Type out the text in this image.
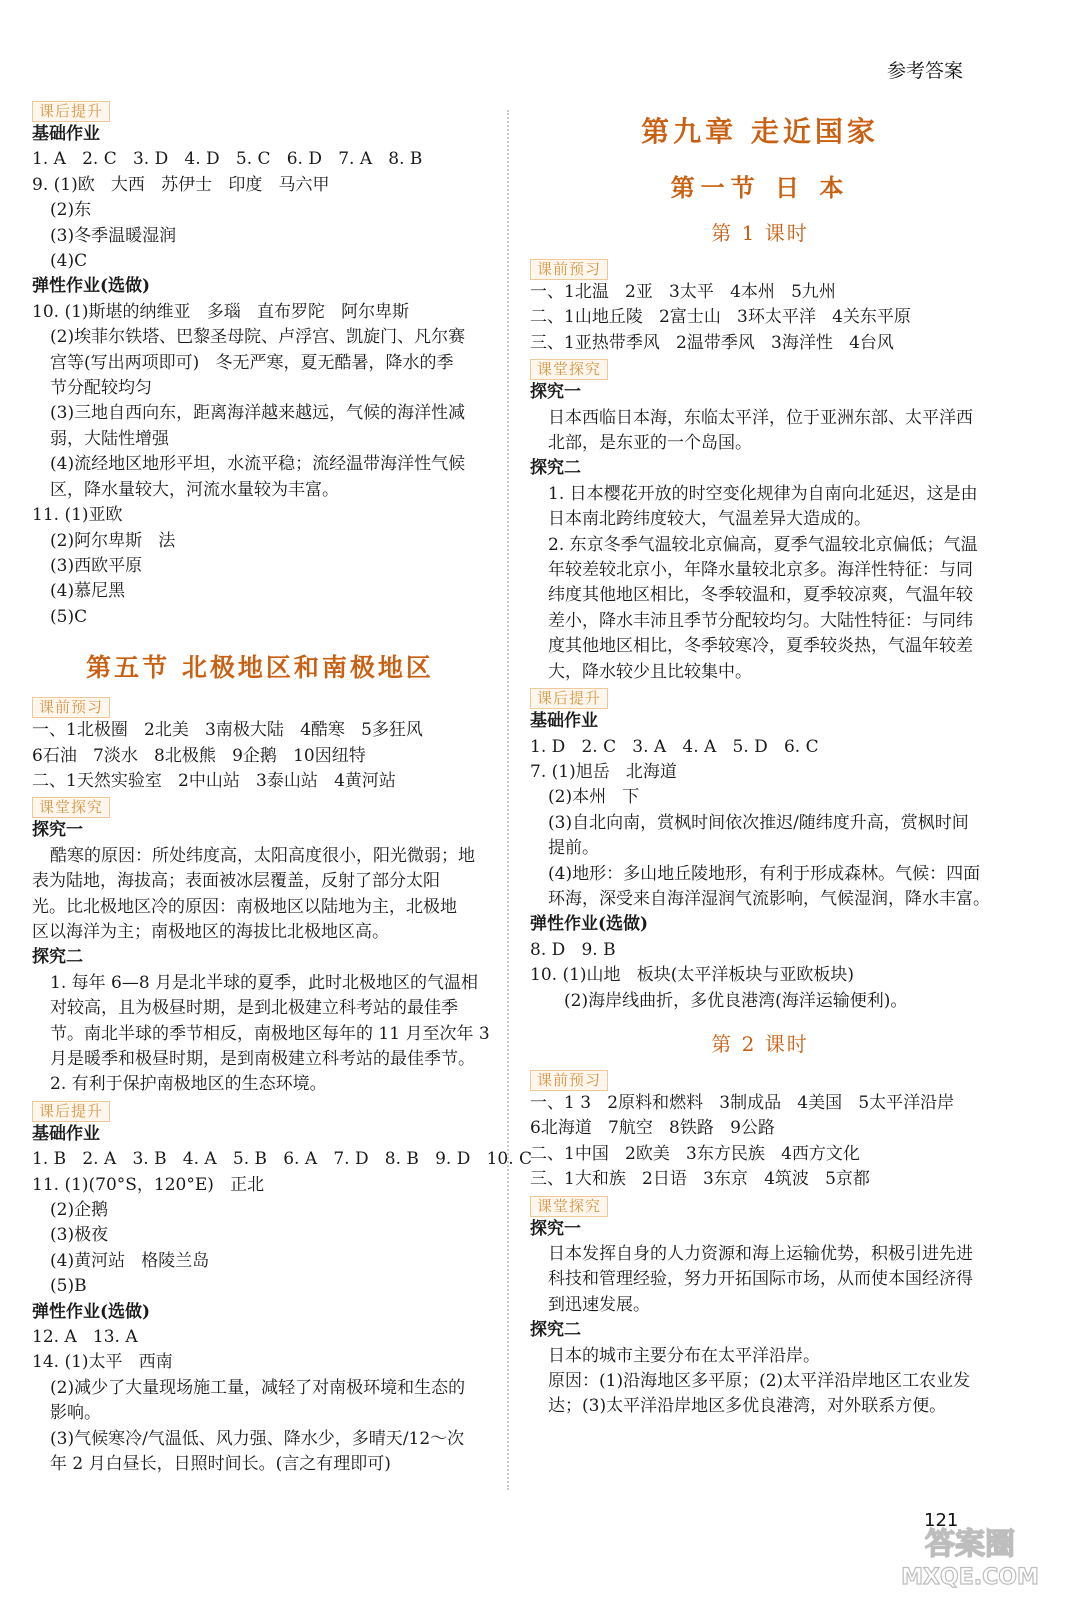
参考答案
课后提升
基础作业
1. A   2. C   3. D   4. D   5. C   6. D   7. A   8. B
9. (1)欧   大西   苏伊士   印度   马六甲
(2)东
(3)冬季温暖湿润
(4)C
弹性作业(选做)
10. (1)斯堪的纳维亚   多瑙   直布罗陀   阿尔卑斯
(2)埃菲尔铁塔、巴黎圣母院、卢浮宫、凯旋门、凡尔赛
宫等(写出两项即可)   冬无严寒，夏无酷暑，降水的季
节分配较均匀
(3)三地自西向东，距离海洋越来越远，气候的海洋性减
弱，大陆性增强
(4)流经地区地形平坦，水流平稳；流经温带海洋性气候
区，降水量较大，河流水量较为丰富。
11. (1)亚欧
(2)阿尔卑斯   法
(3)西欧平原
(4)慕尼黑
(5)C
第五节 北极地区和南极地区
课前预习
一、1北极圈   2北美   3南极大陆   4酷寒   5多狂风
6石油   7淡水   8北极熊   9企鹅   10因纽特
二、1天然实验室   2中山站   3泰山站   4黄河站
课堂探究
探究一
酷寒的原因：所处纬度高，太阳高度很小，阳光微弱；地
表为陆地，海拔高；表面被冰层覆盖，反射了部分太阳
光。比北极地区冷的原因：南极地区以陆地为主，北极地
区以海洋为主；南极地区的海拔比北极地区高。
探究二
1. 每年 6—8 月是北半球的夏季，此时北极地区的气温相
对较高，且为极昼时期，是到北极建立科考站的最佳季
节。南北半球的季节相反，南极地区每年的 11 月至次年 3
月是暖季和极昼时期，是到南极建立科考站的最佳季节。
2. 有利于保护南极地区的生态环境。
课后提升
基础作业
1. B   2. A   3. B   4. A   5. B   6. A   7. D   8. B   9. D   10. C
11. (1)(70°S，120°E)   正北
(2)企鹅
(3)极夜
(4)黄河站   格陵兰岛
(5)B
弹性作业(选做)
12. A   13. A
14. (1)太平   西南
(2)减少了大量现场施工量，减轻了对南极环境和生态的
影响。
(3)气候寒冷/气温低、风力强、降水少，多晴天/12～次
年 2 月白昼长，日照时间长。(言之有理即可)
第九章 走近国家
第一节 日 本
第 1 课时
课前预习
一、1北温   2亚   3太平   4本州   5九州
二、1山地丘陵   2富士山   3环太平洋   4关东平原
三、1亚热带季风   2温带季风   3海洋性   4台风
课堂探究
探究一
日本西临日本海，东临太平洋，位于亚洲东部、太平洋西
北部，是东亚的一个岛国。
探究二
1. 日本樱花开放的时空变化规律为自南向北延迟，这是由
日本南北跨纬度较大，气温差异大造成的。
2. 东京冬季气温较北京偏高，夏季气温较北京偏低；气温
年较差较北京小，年降水量较北京多。海洋性特征：与同
纬度其他地区相比，冬季较温和，夏季较凉爽，气温年较
差小，降水丰沛且季节分配较均匀。大陆性特征：与同纬
度其他地区相比，冬季较寒冷，夏季较炎热，气温年较差
大，降水较少且比较集中。
课后提升
基础作业
1. D   2. C   3. A   4. A   5. D   6. C
7. (1)旭岳   北海道
(2)本州   下
(3)自北向南，赏枫时间依次推迟/随纬度升高，赏枫时间
提前。
(4)地形：多山地丘陵地形，有利于形成森林。气候：四面
环海，深受来自海洋湿润气流影响，气候湿润，降水丰富。
弹性作业(选做)
8. D   9. B
10. (1)山地   板块(太平洋板块与亚欧板块)
(2)海岸线曲折，多优良港湾(海洋运输便利)。
第 2 课时
课前预习
一、1 3   2原料和燃料   3制成品   4美国   5太平洋沿岸
6北海道   7航空   8铁路   9公路
二、1中国   2欧美   3东方民族   4西方文化
三、1大和族   2日语   3东京   4筑波   5京都
课堂探究
探究一
日本发挥自身的人力资源和海上运输优势，积极引进先进
科技和管理经验，努力开拓国际市场，从而使本国经济得
到迅速发展。
探究二
日本的城市主要分布在太平洋沿岸。
原因：(1)沿海地区多平原；(2)太平洋沿岸地区工农业发
达；(3)太平洋沿岸地区多优良港湾，对外联系方便。
121
答案圈
MXQE.COM
